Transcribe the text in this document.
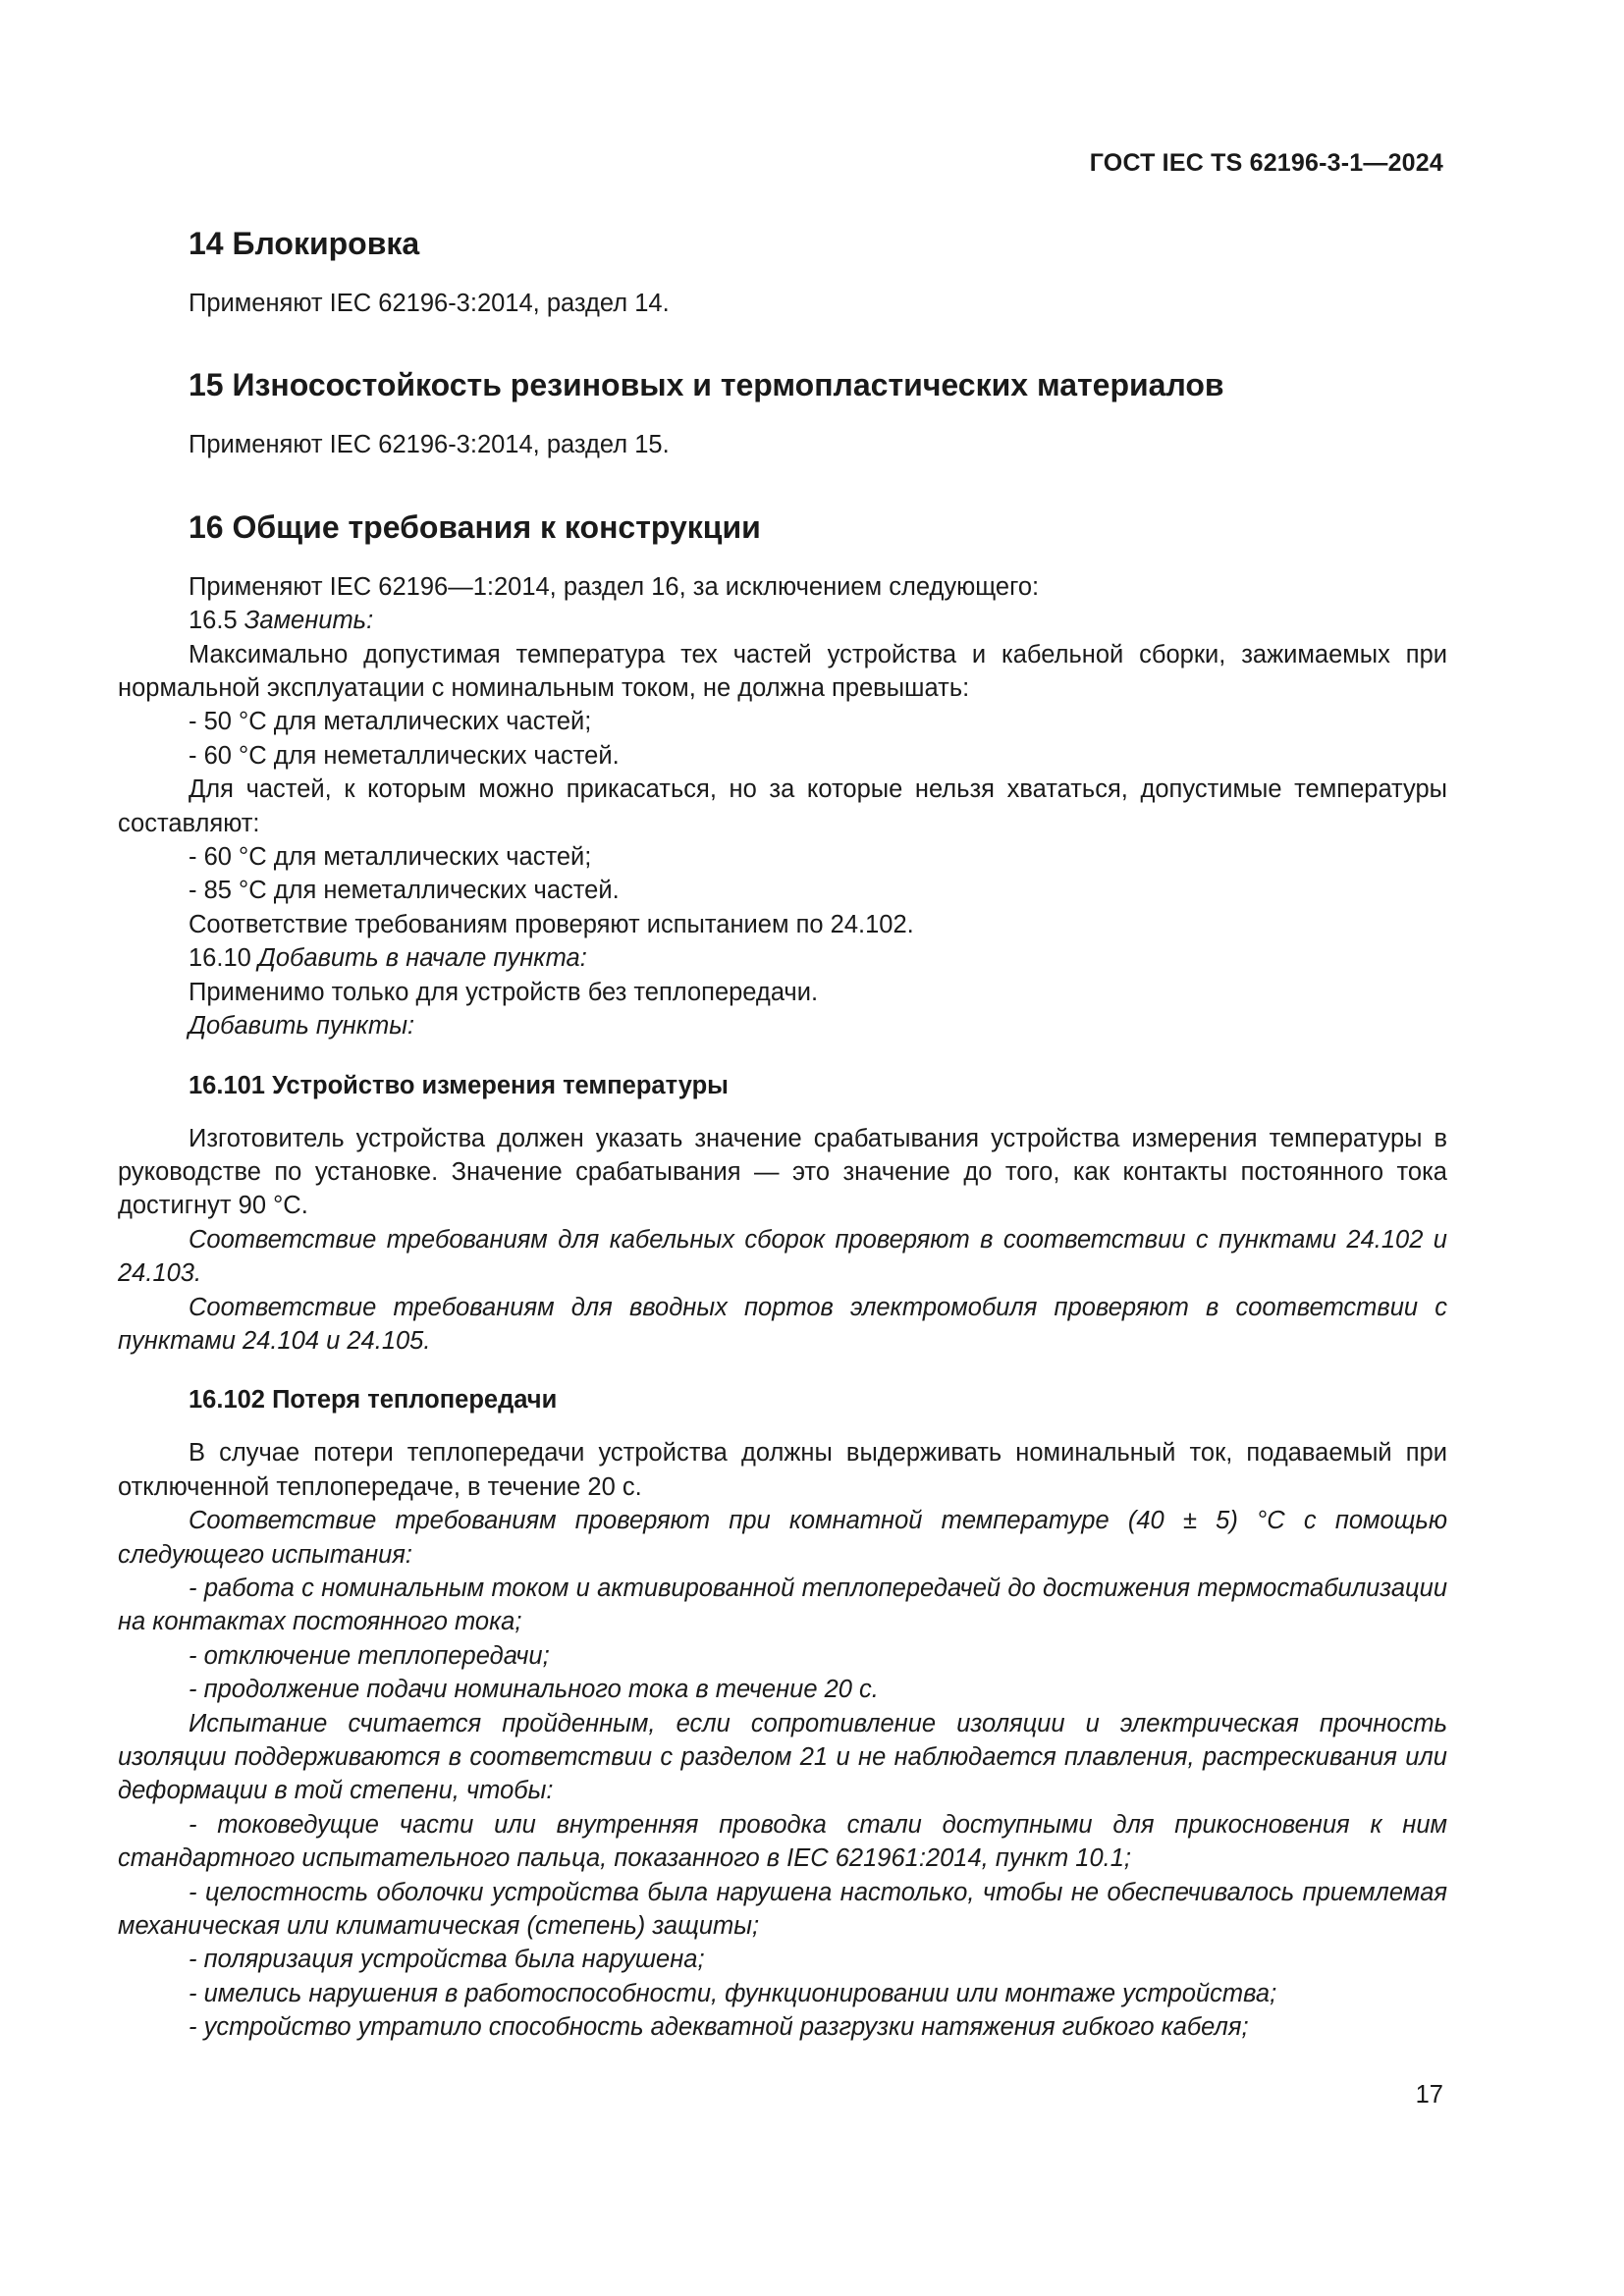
ГОСТ IEC TS 62196-3-1—2024
14 Блокировка

Применяют IEC 62196-3:2014, раздел 14.

15 Износостойкость резиновых и термопластических материалов

Применяют IEC 62196-3:2014, раздел 15.

16 Общие требования к конструкции

Применяют IEC 62196—1:2014, раздел 16, за исключением следующего:

16.5 Заменить:

Максимально допустимая температура тех частей устройства и кабельной сборки, зажимаемых при нормальной эксплуатации с номинальным током, не должна превышать:

- 50 °С для металлических частей;

- 60 °С для неметаллических частей.

Для частей, к которым можно прикасаться, но за которые нельзя хвататься, допустимые температуры составляют:

- 60 °С для металлических частей;

- 85 °С для неметаллических частей.

Соответствие требованиям проверяют испытанием по 24.102.

16.10 Добавить в начале пункта:

Применимо только для устройств без теплопередачи.

Добавить пункты:

16.101 Устройство измерения температуры

Изготовитель устройства должен указать значение срабатывания устройства измерения температуры в руководстве по установке. Значение срабатывания — это значение до того, как контакты постоянного тока достигнут 90 °С.

Соответствие требованиям для кабельных сборок проверяют в соответствии с пунктами 24.102 и 24.103.

Соответствие требованиям для вводных портов электромобиля проверяют в соответствии с пунктами 24.104 и 24.105.

16.102 Потеря теплопередачи

В случае потери теплопередачи устройства должны выдерживать номинальный ток, подаваемый при отключенной теплопередаче, в течение 20 с.

Соответствие требованиям проверяют при комнатной температуре (40 ± 5) °С с помощью следующего испытания:

- работа с номинальным током и активированной теплопередачей до достижения термостабилизации на контактах постоянного тока;

- отключение теплопередачи;

- продолжение подачи номинального тока в течение 20 с.

Испытание считается пройденным, если сопротивление изоляции и электрическая прочность изоляции поддерживаются в соответствии с разделом 21 и не наблюдается плавления, растрескивания или деформации в той степени, чтобы:

- токоведущие части или внутренняя проводка стали доступными для прикосновения к ним стандартного испытательного пальца, показанного в IEC 621961:2014, пункт 10.1;

- целостность оболочки устройства была нарушена настолько, чтобы не обеспечивалось приемлемая механическая или климатическая (степень) защиты;

- поляризация устройства была нарушена;

- имелись нарушения в работоспособности, функционировании или монтаже устройства;

- устройство утратило способность адекватной разгрузки натяжения гибкого кабеля;

17
